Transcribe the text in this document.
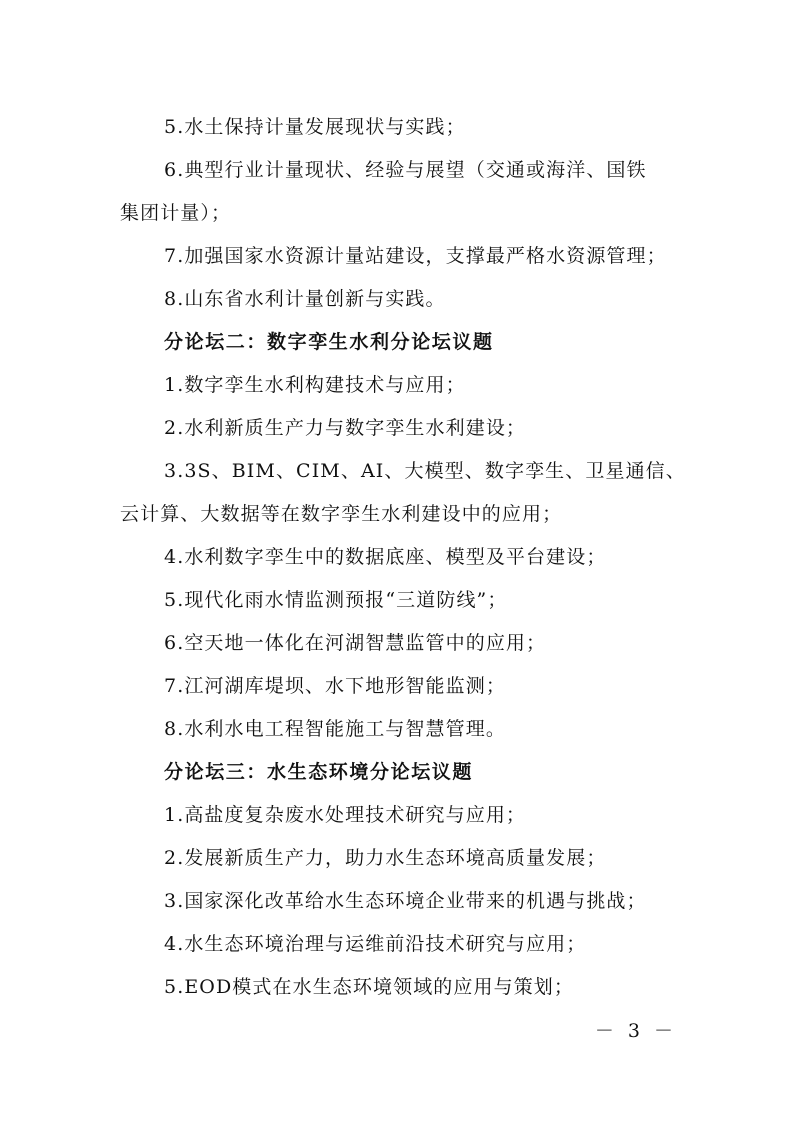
5.水土保持计量发展现状与实践；
6.典型行业计量现状、经验与展望（交通或海洋、国铁
集团计量）；
7.加强国家水资源计量站建设，支撑最严格水资源管理；
8.山东省水利计量创新与实践。
分论坛二：数字孪生水利分论坛议题
1.数字孪生水利构建技术与应用；
2.水利新质生产力与数字孪生水利建设；
3.3S、BIM、CIM、AI、大模型、数字孪生、卫星通信、
云计算、大数据等在数字孪生水利建设中的应用；
4.水利数字孪生中的数据底座、模型及平台建设；
5.现代化雨水情监测预报“三道防线”；
6.空天地一体化在河湖智慧监管中的应用；
7.江河湖库堤坝、水下地形智能监测；
8.水利水电工程智能施工与智慧管理。
分论坛三：水生态环境分论坛议题
1.高盐度复杂废水处理技术研究与应用；
2.发展新质生产力，助力水生态环境高质量发展；
3.国家深化改革给水生态环境企业带来的机遇与挑战；
4.水生态环境治理与运维前沿技术研究与应用；
5.EOD模式在水生态环境领域的应用与策划；
－ 3 －
